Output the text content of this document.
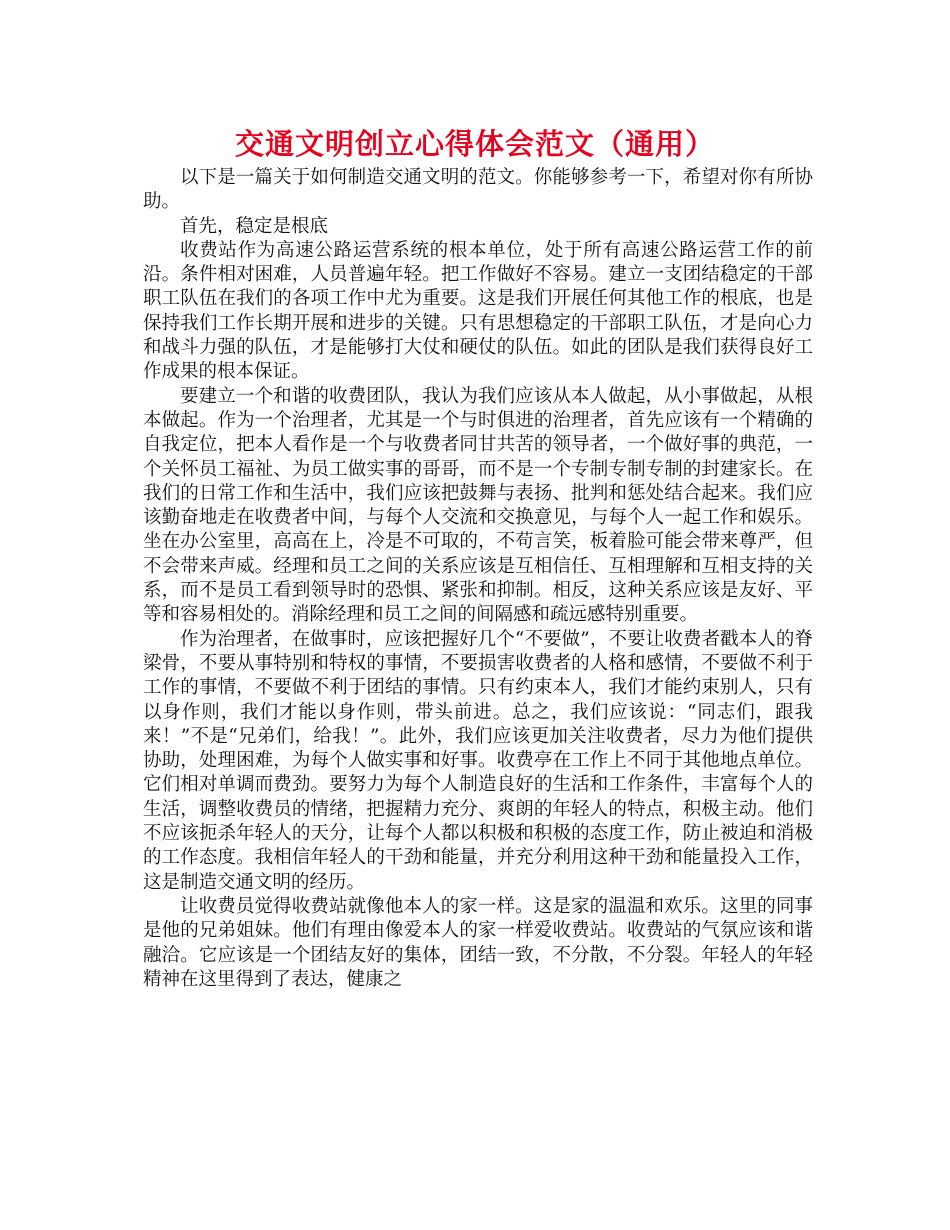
交通文明创立心得体会范文（通用）

以下是一篇关于如何制造交通文明的范文。你能够参考一下，希望对你有所协助。

首先，稳定是根底

收费站作为高速公路运营系统的根本单位，处于所有高速公路运营工作的前沿。条件相对困难，人员普遍年轻。把工作做好不容易。建立一支团结稳定的干部职工队伍在我们的各项工作中尤为重要。这是我们开展任何其他工作的根底，也是保持我们工作长期开展和进步的关键。只有思想稳定的干部职工队伍，才是向心力和战斗力强的队伍，才是能够打大仗和硬仗的队伍。如此的团队是我们获得良好工作成果的根本保证。

要建立一个和谐的收费团队，我认为我们应该从本人做起，从小事做起，从根本做起。作为一个治理者，尤其是一个与时俱进的治理者，首先应该有一个精确的自我定位，把本人看作是一个与收费者同甘共苦的领导者，一个做好事的典范，一个关怀员工福祉、为员工做实事的哥哥，而不是一个专制专制专制的封建家长。在我们的日常工作和生活中，我们应该把鼓舞与表扬、批判和惩处结合起来。我们应该勤奋地走在收费者中间，与每个人交流和交换意见，与每个人一起工作和娱乐。坐在办公室里，高高在上，冷是不可取的，不苟言笑，板着脸可能会带来尊严，但不会带来声威。经理和员工之间的关系应该是互相信任、互相理解和互相支持的关系，而不是员工看到领导时的恐惧、紧张和抑制。相反，这种关系应该是友好、平等和容易相处的。消除经理和员工之间的间隔感和疏远感特别重要。

作为治理者，在做事时，应该把握好几个“不要做”，不要让收费者戳本人的脊梁骨，不要从事特别和特权的事情，不要损害收费者的人格和感情，不要做不利于工作的事情，不要做不利于团结的事情。只有约束本人，我们才能约束别人，只有以身作则，我们才能以身作则，带头前进。总之，我们应该说：“同志们，跟我来！”不是“兄弟们，给我！”。此外，我们应该更加关注收费者，尽力为他们提供协助，处理困难，为每个人做实事和好事。收费亭在工作上不同于其他地点单位。它们相对单调而费劲。要努力为每个人制造良好的生活和工作条件，丰富每个人的生活，调整收费员的情绪，把握精力充分、爽朗的年轻人的特点，积极主动。他们不应该扼杀年轻人的天分，让每个人都以积极和积极的态度工作，防止被迫和消极的工作态度。我相信年轻人的干劲和能量，并充分利用这种干劲和能量投入工作，这是制造交通文明的经历。

让收费员觉得收费站就像他本人的家一样。这是家的温温和欢乐。这里的同事是他的兄弟姐妹。他们有理由像爱本人的家一样爱收费站。收费站的气氛应该和谐融洽。它应该是一个团结友好的集体，团结一致，不分散，不分裂。年轻人的年轻精神在这里得到了表达，健康之
